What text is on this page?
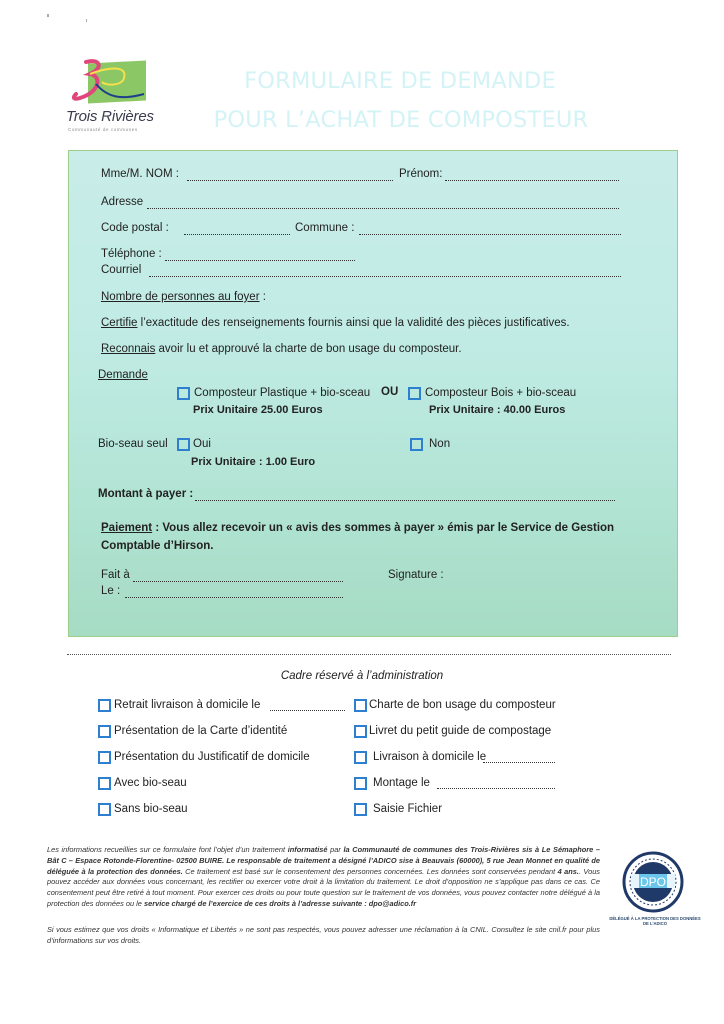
Trois Rivières
Communauté de communes
FORMULAIRE DE DEMANDE
POUR L’ACHAT DE COMPOSTEUR
Mme/M. NOM :	Prénom:
Adresse
Code postal :	Commune :
Téléphone :
Courriel
Nombre de personnes au foyer :
Certifie l’exactitude des renseignements fournis ainsi que la validité des pièces justificatives.
Reconnais avoir lu et approuvé la charte de bon usage du composteur.
Demande
Composteur Plastique + bio-sceau
Prix Unitaire 25.00 Euros
OU Composteur Bois + bio-sceau
Prix Unitaire : 40.00 Euros
Bio-seau seul Oui
Prix Unitaire : 1.00 Euro
Non
Montant à payer :
Paiement : Vous allez recevoir un « avis des sommes à payer » émis par le Service de Gestion
Comptable d’Hirson.
Fait à
Le :
Signature :
Cadre réservé à l’administration
Retrait livraison à domicile le
Présentation de la Carte d’identité
Présentation du Justificatif de domicile
Avec bio-seau
Sans bio-seau
Charte de bon usage du composteur
Livret du petit guide de compostage
Livraison à domicile le
Montage le
Saisie Fichier
Les informations recueillies sur ce formulaire font l’objet d’un traitement informatisé par la Communauté de communes des Trois-Rivières sis à Le Sémaphore – Bât C – Espace Rotonde-Florentine- 02500 BUIRE. Le responsable de traitement a désigné l’ADICO sise à Beauvais (60000), 5 rue Jean Monnet en qualité de déléguée à la protection des données. Ce traitement est basé sur le consentement des personnes concernées. Les données sont conservées pendant 4 ans.. Vous pouvez accéder aux données vous concernant, les rectifier ou exercer votre droit à la limitation du traitement. Le droit d’opposition ne s’applique pas dans ce cas. Ce consentement peut être retiré à tout moment. Pour exercer ces droits ou pour toute question sur le traitement de vos données, vous pouvez contacter notre délégué à la protection des données ou le service chargé de l’exercice de ces droits à l’adresse suivante : dpo@adico.fr
Si vous estimez que vos droits « Informatique et Libertés » ne sont pas respectés, vous pouvez adresser une réclamation à la CNIL. Consultez le site cnil.fr pour plus d’informations sur vos droits.
DPO
DÉLÉGUÉ À LA PROTECTION DES DONNÉES DE L’ADICO
